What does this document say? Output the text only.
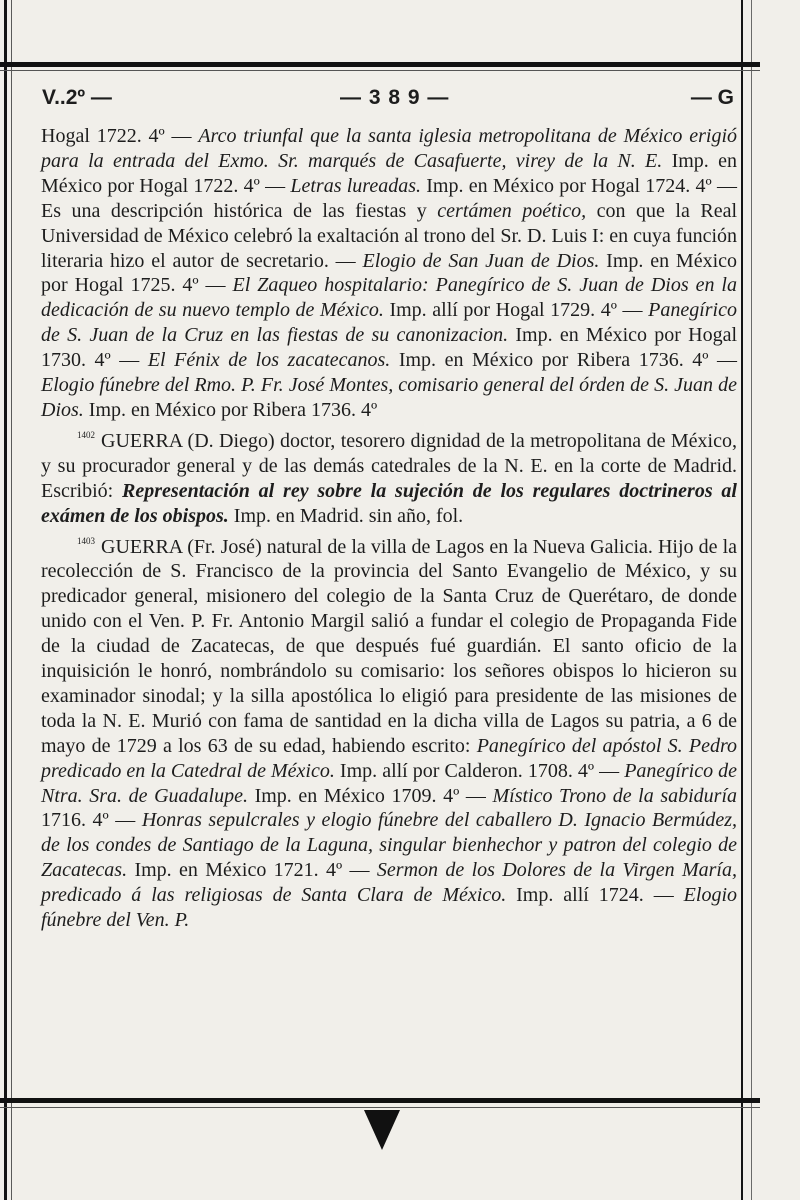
V..2º —	— 3 8 9 —	— G

Hogal 1722. 4º — Arco triunfal que la santa iglesia metropolitana de México erigió para la entrada del Exmo. Sr. marqués de Casafuerte, virey de la N. E. Imp. en México por Hogal 1722. 4º — Letras lureadas. Imp. en México por Hogal 1724. 4º — Es una descripción histórica de las fiestas y certámen poético, con que la Real Universidad de México celebró la exaltación al trono del Sr. D. Luis I: en cuya función literaria hizo el autor de secretario. — Elogio de San Juan de Dios. Imp. en México por Hogal 1725. 4º — El Zaqueo hospitalario: Panegírico de S. Juan de Dios en la dedicación de su nuevo templo de México. Imp. allí por Hogal 1729. 4º — Panegírico de S. Juan de la Cruz en las fiestas de su canonizacion. Imp. en México por Hogal 1730. 4º — El Fénix de los zacatecanos. Imp. en México por Ribera 1736. 4º — Elogio fúnebre del Rmo. P. Fr. José Montes, comisario general del órden de S. Juan de Dios. Imp. en México por Ribera 1736. 4º

$^{1402}$ GUERRA (D. Diego) doctor, tesorero dignidad de la metropolitana de México, y su procurador general y de las demás catedrales de la N. E. en la corte de Madrid. Escribió: Representación al rey sobre la sujeción de los regulares doctrineros al exámen de los obispos. Imp. en Madrid. sin año, fol.

$^{1403}$ GUERRA (Fr. José) natural de la villa de Lagos en la Nueva Galicia. Hijo de la recolección de S. Francisco de la provincia del Santo Evangelio de México, y su predicador general, misionero del colegio de la Santa Cruz de Querétaro, de donde unido con el Ven. P. Fr. Antonio Margil salió a fundar el colegio de Propaganda Fide de la ciudad de Zacatecas, de que después fué guardián. El santo oficio de la inquisición le honró, nombrándolo su comisario: los señores obispos lo hicieron su examinador sinodal; y la silla apostólica lo eligió para presidente de las misiones de toda la N. E. Murió con fama de santidad en la dicha villa de Lagos su patria, a 6 de mayo de 1729 a los 63 de su edad, habiendo escrito: Panegírico del apóstol S. Pedro predicado en la Catedral de México. Imp. allí por Calderon. 1708. 4º — Panegírico de Ntra. Sra. de Guadalupe. Imp. en México 1709. 4º — Místico Trono de la sabiduría 1716. 4º — Honras sepulcrales y elogio fúnebre del caballero D. Ignacio Bermúdez, de los condes de Santiago de la Laguna, singular bienhechor y patron del colegio de Zacatecas. Imp. en México 1721. 4º — Sermon de los Dolores de la Virgen María, predicado á las religiosas de Santa Clara de México. Imp. allí 1724. — Elogio fúnebre del Ven. P.
